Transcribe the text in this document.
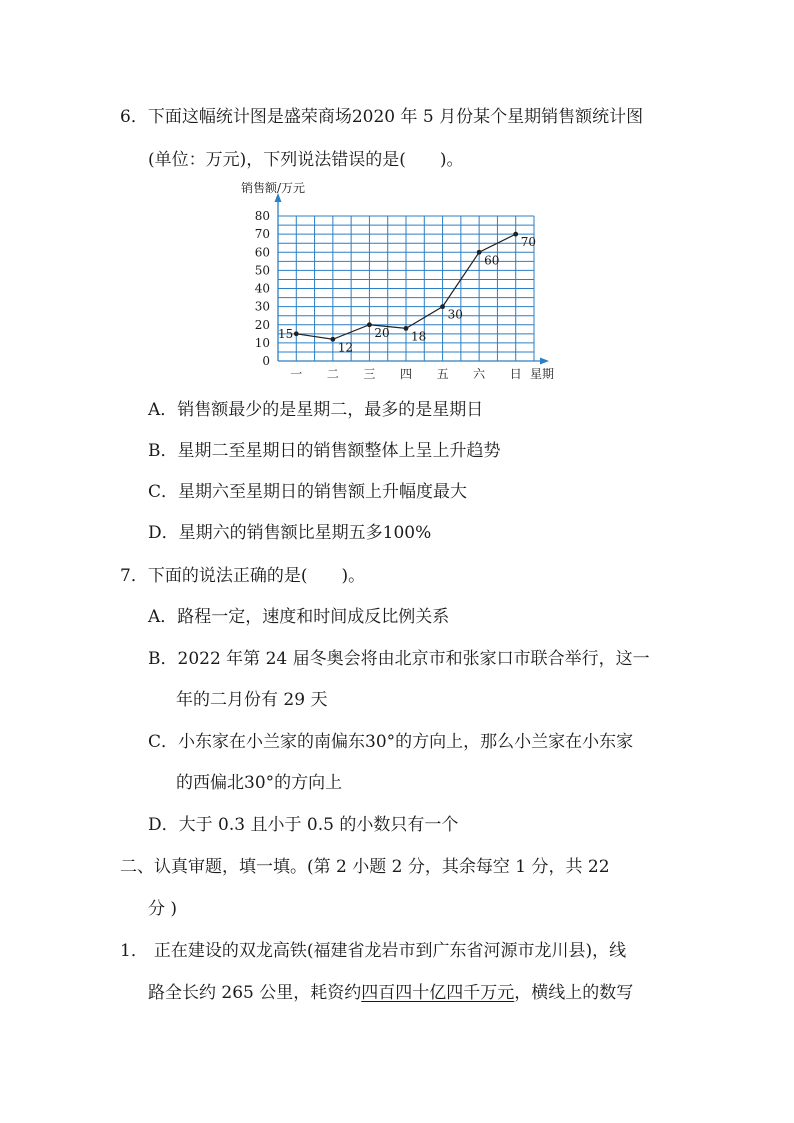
6．下面这幅统计图是盛荣商场2020 年 5 月份某个星期销售额统计图
(单位：万元)，下列说法错误的是(　　)。
0
10
20
30
40
50
60
70
80
一 二 三 四 五 六 日
15
12
20 18
30
60
70
销售额/万元
星期
A．销售额最少的是星期二，最多的是星期日
B．星期二至星期日的销售额整体上呈上升趋势
C．星期六至星期日的销售额上升幅度最大
D．星期六的销售额比星期五多100%
7．下面的说法正确的是(　　)。
A．路程一定，速度和时间成反比例关系
B．2022 年第 24 届冬奥会将由北京市和张家口市联合举行，这一
年的二月份有 29 天
C．小东家在小兰家的南偏东30°的方向上，那么小兰家在小东家
的西偏北30°的方向上
D．大于 0.3 且小于 0.5 的小数只有一个
二、认真审题，填一填。(第 2 小题 2 分，其余每空 1 分，共 22
分 )
1． 正在建设的双龙高铁(福建省龙岩市到广东省河源市龙川县)，线
路全长约 265 公里，耗资约四百四十亿四千万元，横线上的数写
